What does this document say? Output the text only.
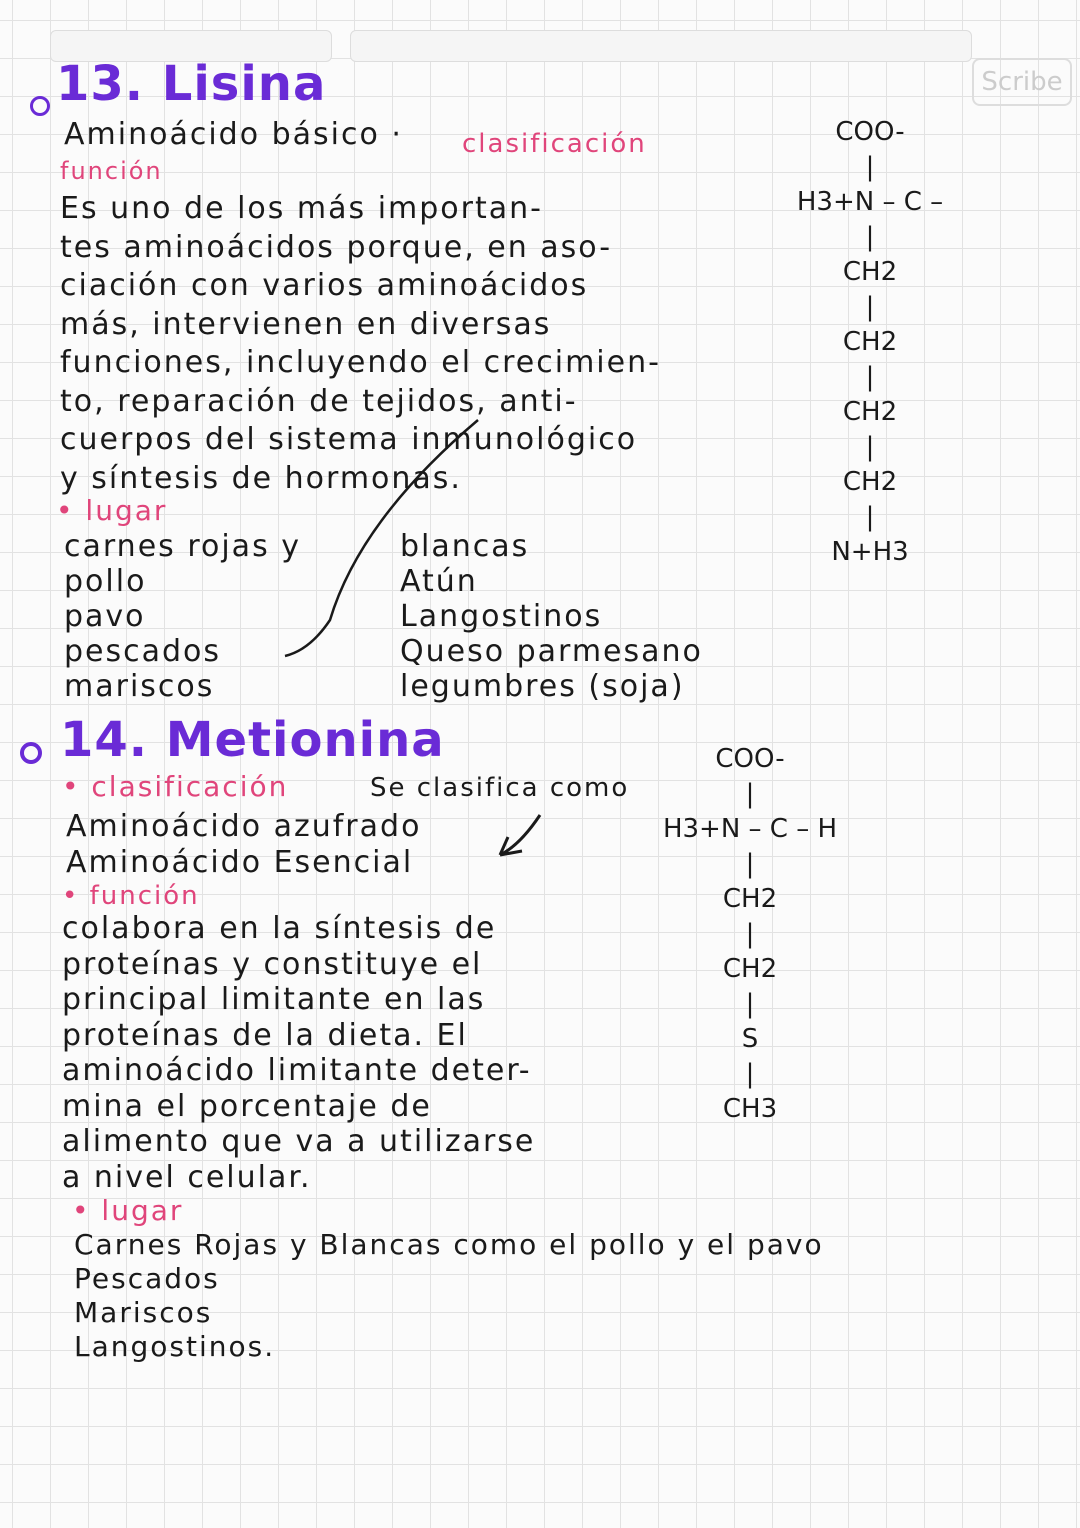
Scribe
13. Lisina
Aminoácido básico · clasificación
función
Es uno de los más importan-
tes aminoácidos porque, en aso-
ciación con varios aminoácidos
más, intervienen en diversas
funciones, incluyendo el crecimien-
to, reparación de tejidos, anti-
cuerpos del sistema inmunológico
y síntesis de hormonas.
• lugar
carnes rojas y
pollo
pavo
pescados
mariscos
blancas
Atún
Langostinos
Queso parmesano
legumbres (soja)
COO-
|
H3+N – C –
|
CH2
|
CH2
|
CH2
|
CH2
|
N+H3
14. Metionina
• clasificación	Se clasifica como
Aminoácido azufrado
Aminoácido Esencial
• función
colabora en la síntesis de
proteínas y constituye el
principal limitante en las
proteínas de la dieta. El
aminoácido limitante deter-
mina el porcentaje de
alimento que va a utilizarse
a nivel celular.
• lugar
Carnes Rojas y Blancas como el pollo y el pavo
Pescados
Mariscos
Langostinos.
COO-
|
H3+N – C – H
|
CH2
|
CH2
|
S
|
CH3
